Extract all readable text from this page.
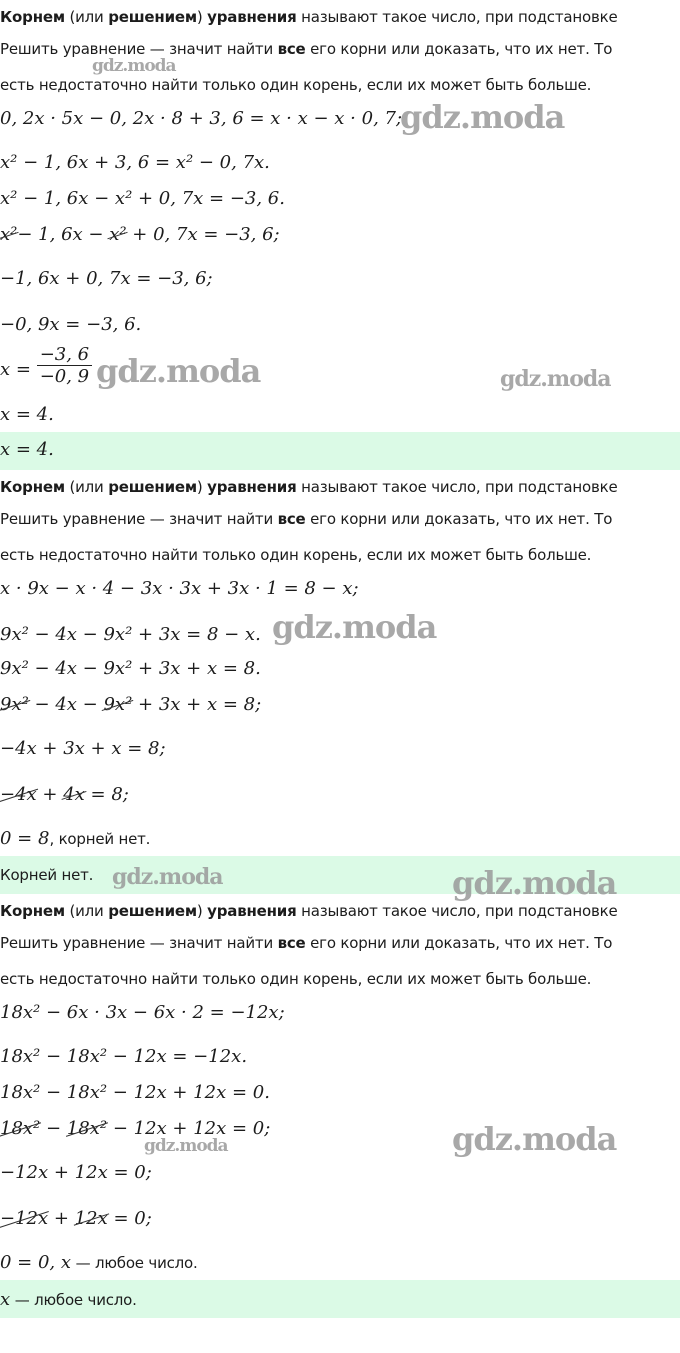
Корнем (или решением) уравнения называют такое число, при подстановке
Решить уравнение — значит найти все его корни или доказать, что их нет. То
есть недостаточно найти только один корень, если их может быть больше.
0, 2x · 5x − 0, 2x · 8 + 3, 6 = x · x − x · 0, 7;
x² − 1, 6x + 3, 6 = x² − 0, 7x.
x² − 1, 6x − x² + 0, 7x = −3, 6.
x²− 1, 6x − x² + 0, 7x = −3, 6;
−1, 6x + 0, 7x = −3, 6;
−0, 9x = −3, 6.
$x = \frac{-3, 6}{-0, 9}$
x = 4.
x = 4.
gdz.moda
gdz.moda
gdz.moda	gdz.moda
Корнем (или решением) уравнения называют такое число, при подстановке
Решить уравнение — значит найти все его корни или доказать, что их нет. То
есть недостаточно найти только один корень, если их может быть больше.
x · 9x − x · 4 − 3x · 3x + 3x · 1 = 8 − x;
9x² − 4x − 9x² + 3x = 8 − x.
9x² − 4x − 9x² + 3x + x = 8.
9x² − 4x − 9x² + 3x + x = 8;
−4x + 3x + x = 8;
−4x + 4x = 8;
0 = 8, корней нет.
Корней нет.
gdz.moda
gdz.moda	gdz.moda
Корнем (или решением) уравнения называют такое число, при подстановке
Решить уравнение — значит найти все его корни или доказать, что их нет. То
есть недостаточно найти только один корень, если их может быть больше.
18x² − 6x · 3x − 6x · 2 = −12x;
18x² − 18x² − 12x = −12x.
18x² − 18x² − 12x + 12x = 0.
18x² − 18x² − 12x + 12x = 0;
−12x + 12x = 0;
−12x + 12x = 0;
0 = 0, x — любое число.
x — любое число.
gdz.moda
gdz.moda
